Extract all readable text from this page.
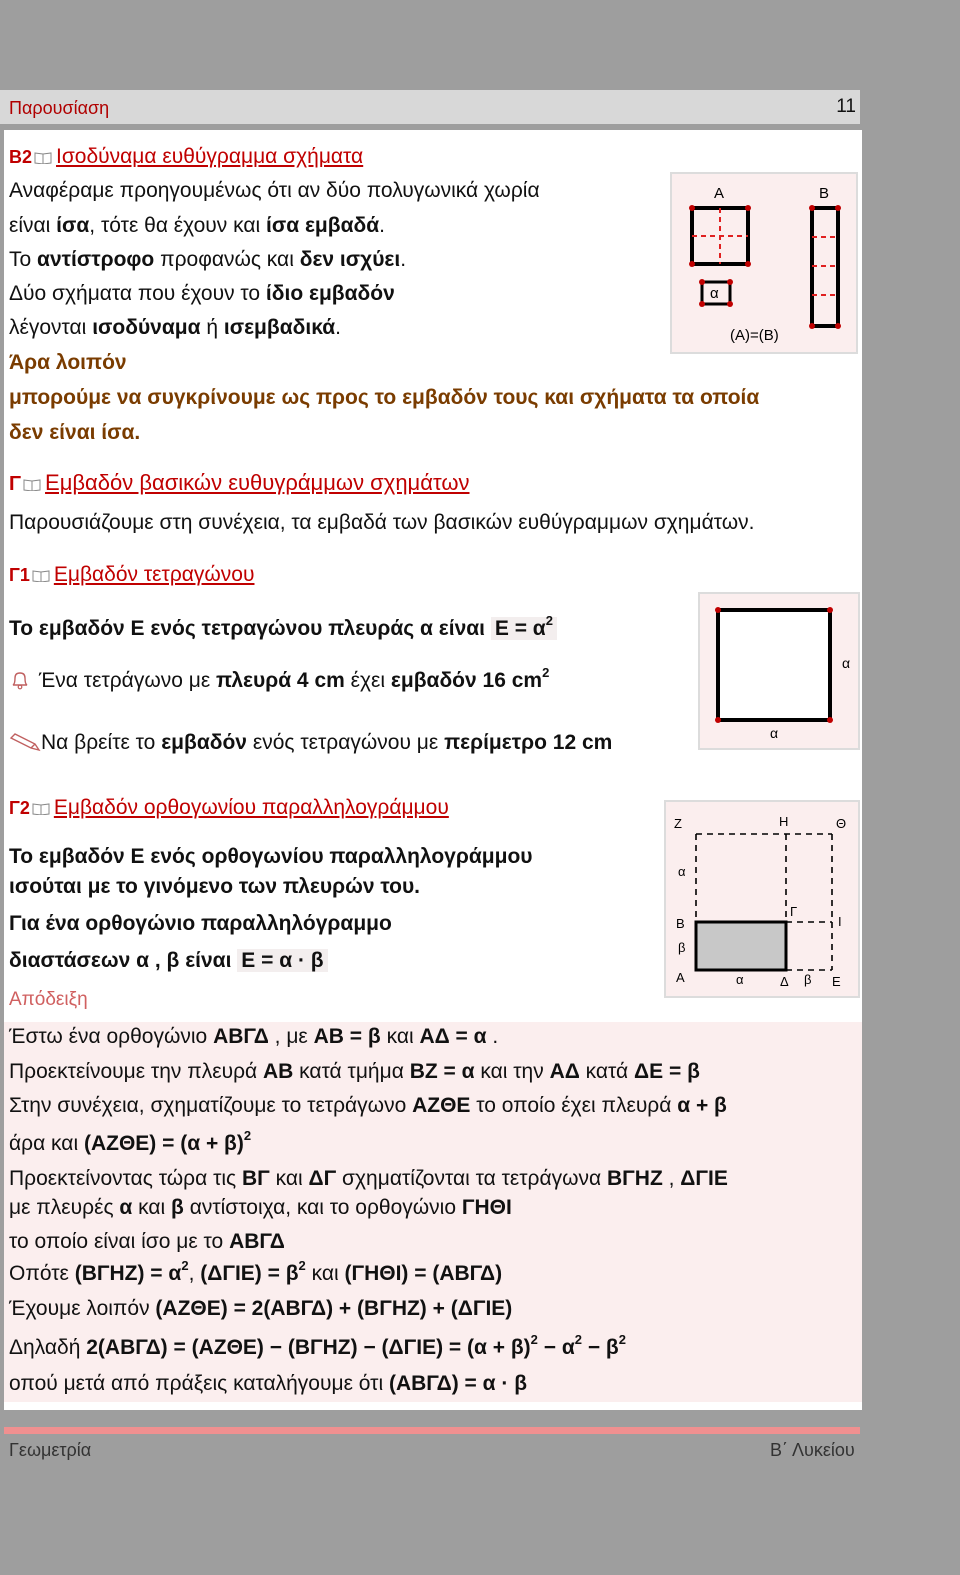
Παρουσίαση	11
Β2 Ισοδύναμα ευθύγραμμα σχήματα
Αναφέραμε προηγουμένως ότι αν δύο πολυγωνικά χωρία
είναι ίσα, τότε θα έχουν και ίσα εμβαδά.
Το αντίστροφο προφανώς και δεν ισχύει.
Δύο σχήματα που έχουν το ίδιο εμβαδόν
λέγονται ισοδύναμα ή ισεμβαδικά.
Άρα λοιπόν
μπορούμε να συγκρίνουμε ως προς το εμβαδόν τους και σχήματα τα οποία
δεν είναι ίσα.
Α	Β
α
(Α)=(Β)
Γ Εμβαδόν βασικών ευθυγράμμων σχημάτων
Παρουσιάζουμε στη συνέχεια, τα εμβαδά των βασικών ευθύγραμμων σχημάτων.
Γ1 Εμβαδόν τετραγώνου
Το εμβαδόν Ε ενός τετραγώνου πλευράς α είναι $E = \alpha^2$
Ένα τετράγωνο με πλευρά 4 cm έχει εμβαδόν 16 $cm^2$
Να βρείτε το εμβαδόν ενός τετραγώνου με περίμετρο 12 cm
α
α
Γ2 Εμβαδόν ορθογωνίου παραλληλογράμμου
Το εμβαδόν Ε ενός ορθογωνίου παραλληλογράμμου
ισούται με το γινόμενο των πλευρών του.
Για ένα ορθογώνιο παραλληλόγραμμο
διαστάσεων α , β είναι Ε = α · β
Απόδειξη
Ζ	Η	Θ
α
Γ
Ι
Β
β
Α	α	Δ β Ε
Έστω ένα ορθογώνιο ΑΒΓΔ , με ΑΒ = β και ΑΔ = α .
Προεκτείνουμε την πλευρά ΑΒ κατά τμήμα ΒΖ = α και την ΑΔ κατά ΔΕ = β
Στην συνέχεια, σχηματίζουμε το τετράγωνο ΑΖΘΕ το οποίο έχει πλευρά α + β
άρα και $(AZ\Theta E) = (\alpha + \beta)^2$
Προεκτείνοντας τώρα τις ΒΓ και ΔΓ σχηματίζονται τα τετράγωνα ΒΓΗΖ , ΔΓΙΕ
με πλευρές α και β αντίστοιχα, και το ορθογώνιο ΓΗΘΙ
το οποίο είναι ίσο με το ΑΒΓΔ
Οπότε $(B\Gamma HZ) = \alpha^2$, $(\Delta\Gamma IE) = \beta^2$ και (ΓΗΘΙ) = (ΑΒΓΔ)
Έχουμε λοιπόν (ΑΖΘΕ) = 2(ΑΒΓΔ) + (ΒΓΗΖ) + (ΔΓΙΕ)
Δηλαδή $2(AB\Gamma\Delta) = (AZ\Theta E) - (B\Gamma HZ) - (\Delta\Gamma IE) = (\alpha + \beta)^2 - \alpha^2 - \beta^2$
οπού μετά από πράξεις καταλήγουμε ότι (ΑΒΓΔ) = α · β
Γεωμετρία	Β΄ Λυκείου
